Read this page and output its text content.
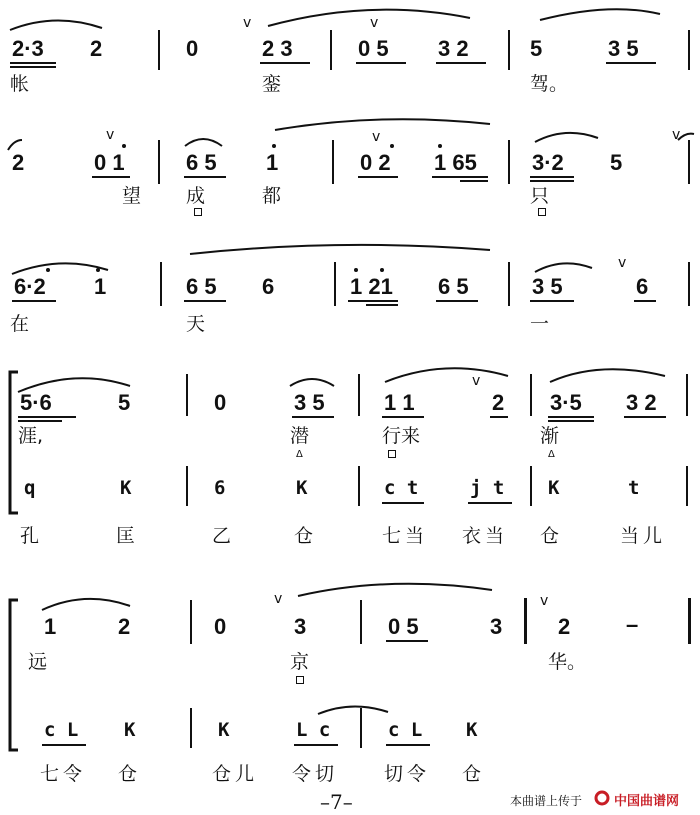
v	v
v	v	v
v
v
v	v
2·3 2	0	2 3	0 5 3 2	5	3 5
帐	銮	驾。
2	0 1	6 5 1	0 2 1 65	3·2 5
望 成	都	只
6·2 1	6 5 6	1 21 6 5	3 5	6
在	天	一
5·6	5	0	3 5	1 1	2 3·5 3 2
涯,	潜	行来	渐
Δ	Δ
q	K	6	K	c t	j t K	t
孔	匡	乙	仓	七当 衣当 仓	当儿
1	2	0	3	0 5	3	2	–
远	京	华。
c L K	K	L c	c L K
七令 仓	仓儿 令切 切令 仓
–7–	本曲谱上传于 中国曲谱网
